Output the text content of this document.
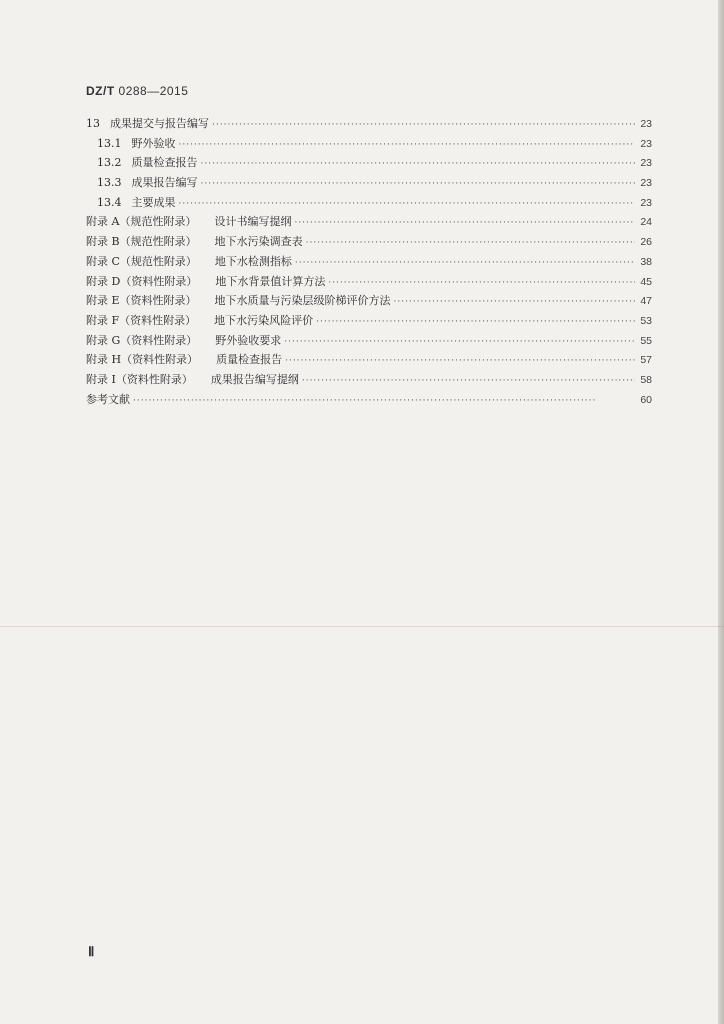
DZ/T 0288—2015
13 成果提交与报告编写 ·····	23
13.1 野外验收 ·····	23
13.2 质量检查报告 ·····	23
13.3 成果报告编写 ·····	23
13.4 主要成果 ·····	23
附录 A（规范性附录） 设计书编写提纲 ·····	24
附录 B（规范性附录） 地下水污染调查表 ·····	26
附录 C（规范性附录） 地下水检测指标 ·····	38
附录 D（资料性附录） 地下水背景值计算方法 ·····	45
附录 E（资料性附录） 地下水质量与污染层级阶梯评价方法 ·····	47
附录 F（资料性附录） 地下水污染风险评价 ·····	53
附录 G（资料性附录） 野外验收要求 ·····	55
附录 H（资料性附录） 质量检查报告 ·····	57
附录 I（资料性附录） 成果报告编写提纲 ·····	58
参考文献 ·····	60
Ⅱ
